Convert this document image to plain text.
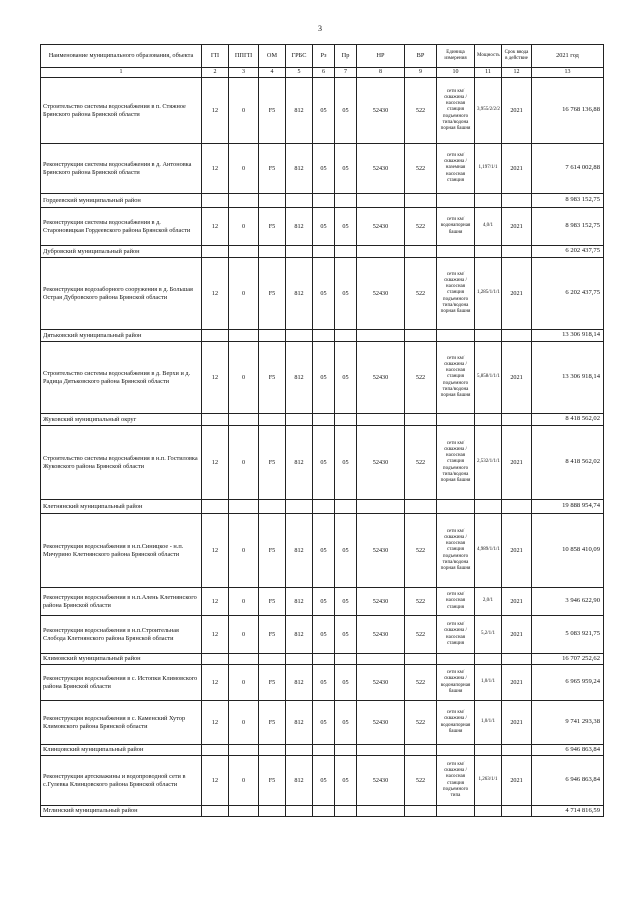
3
Наименование муниципального образования, объекта	ГП	ППГП	ОМ	ГРБС	Рз	Пр	НР	ВР	Единица измерения	Мощность	Срок ввода в действие	2021 год
1	2	3	4	5	6	7	8	9	10	11	12	13
Строительство системы водоснабжения в п. Стяжное Брянского района Брянской области	12	0	F5	812	05	05	52430	522	сети км/скважина /насосная станция подъемного типа/водона порная башня	3,955/2/2/2	2021	16 768 136,88
Реконструкция системы водоснабжения в д. Антоновка Брянского района Брянской области	12	0	F5	812	05	05	52430	522	сети км/скважина /наземная насосная станция	1,197/1/1	2021	7 614 002,88
Гордеевский муниципальный район												8 983 152,75
Реконструкция системы водоснабжения в д. Староновицкая Гордеевского района Брянской области	12	0	F5	812	05	05	52430	522	сети км/водонапорная башня	4,0/1	2021	8 983 152,75
Дубровский муниципальный район												6 202 437,75
Реконструкция водозаборного сооружения в д. Большая Острая Дубровского района Брянской области	12	0	F5	812	05	05	52430	522	сети км/скважина /насосная станция подъемного типа/водона порная башня	1,285/1/1/1	2021	6 202 437,75
Дятьковский муниципальный район												13 306 918,14
Строительство системы водоснабжения в д. Верхи и д. Радица Дятьковского района Брянской области	12	0	F5	812	05	05	52430	522	сети км/скважина /насосная станция подъемного типа/водона порная башня	5,858/1/1/1	2021	13 306 918,14
Жуковский муниципальный округ												8 418 562,02
Строительство системы водоснабжения в н.п. Гостиловка Жуковского района Брянской области	12	0	F5	812	05	05	52430	522	сети км/скважина /насосная станция подъемного типа/водона порная башня	2,532/1/1/1	2021	8 418 562,02
Клетнянский муниципальный район												19 888 954,74
Реконструкция водоснабжения в н.п.Синицкое - н.п. Мичурино Клетнянского района Брянской области	12	0	F5	812	05	05	52430	522	сети км/скважина /насосная станция подъемного типа/водона порная башня	4,989/1/1/1	2021	10 858 410,09
Реконструкция водоснабжения в н.п.Алень Клетнянского района Брянской области	12	0	F5	812	05	05	52430	522	сети км/насосная станция	2,0/1	2021	3 946 622,90
Реконструкция водоснабжения в н.п.Строительная Слобода Клетнянского района Брянской области	12	0	F5	812	05	05	52430	522	сети км/скважина /насосная станция	5,2/1/1	2021	5 083 921,75
Климовский муниципальный район												16 707 252,62
Реконструкция водоснабжения в с. Истопки Климовского района Брянской области	12	0	F5	812	05	05	52430	522	сети км/скважина /водонапорная башня	1,0/1/1	2021	6 965 959,24
Реконструкция водоснабжения в с. Каменский Хутор Климовского района Брянской области	12	0	F5	812	05	05	52430	522	сети км/скважина /водонапорная башня	1,0/1/1	2021	9 741 293,38
Клинцовский муниципальный район												6 946 863,84
Реконструкция артскважины и водопроводной сети в с.Гулевка Клинцовского района Брянской области	12	0	F5	812	05	05	52430	522	сети км/скважина /насосная станция подъемного типа	1,263/1/1	2021	6 946 863,84
Мглинский муниципальный район												4 714 816,59
